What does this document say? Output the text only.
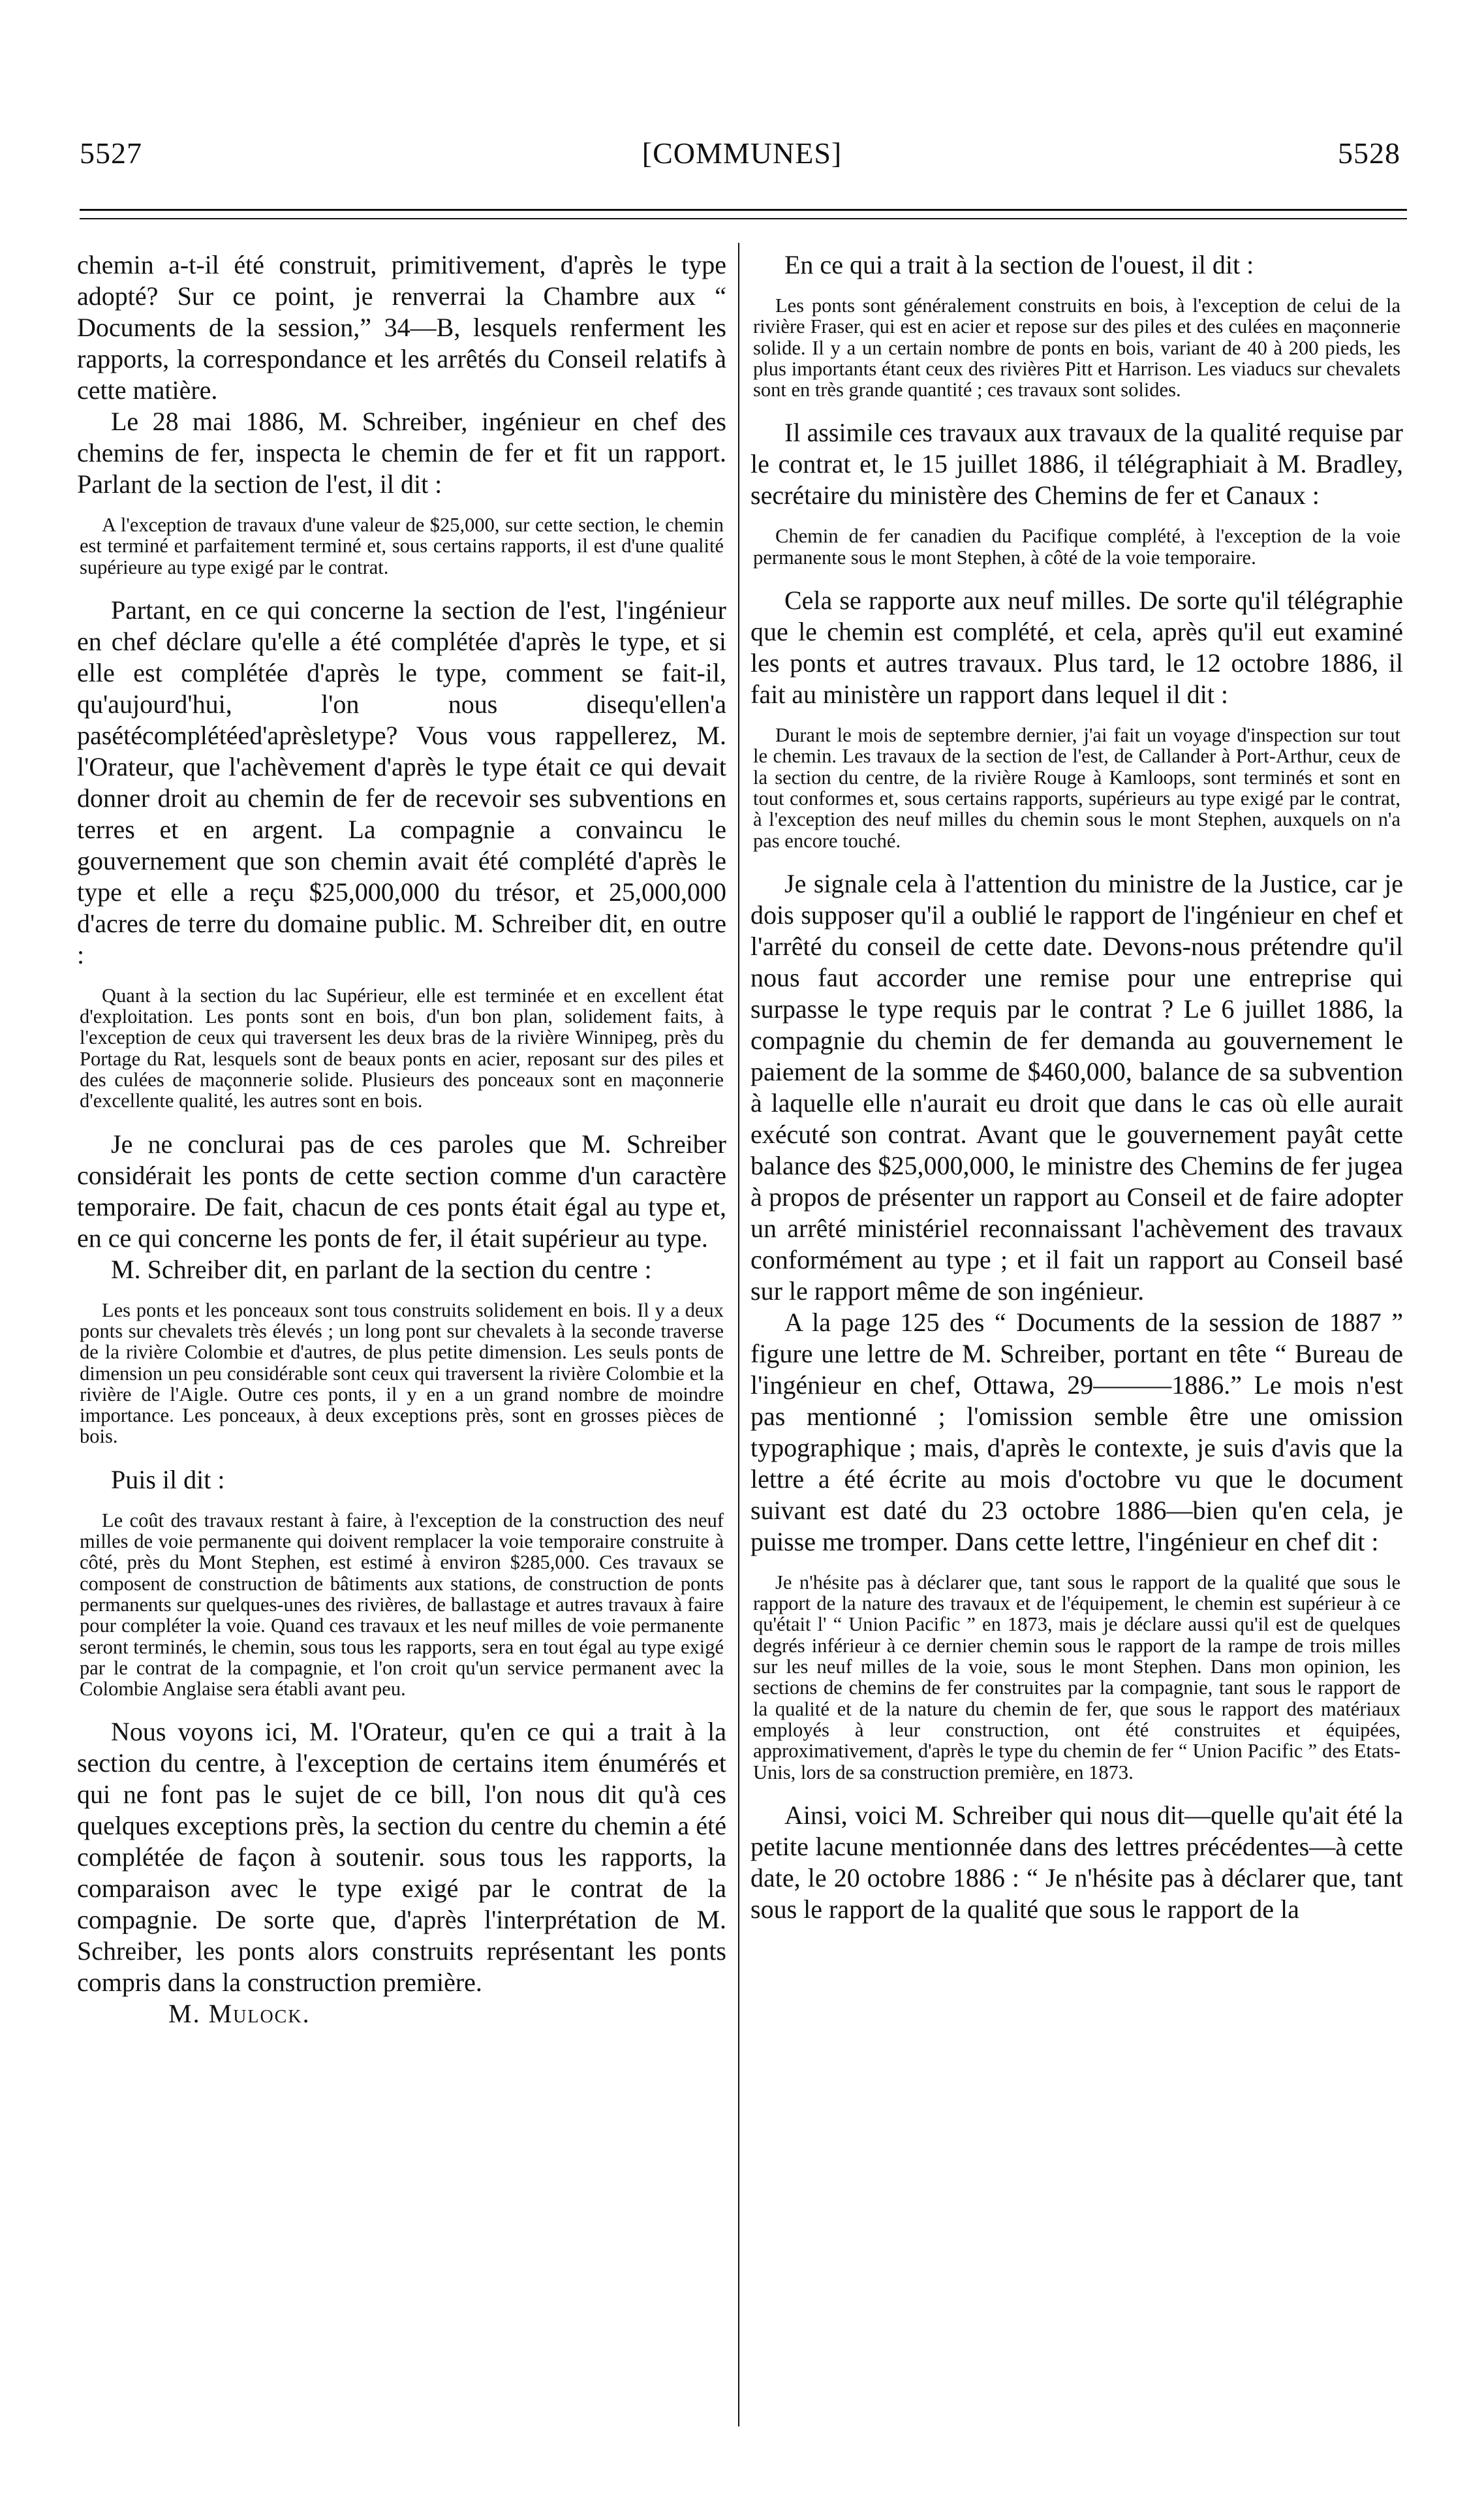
5527	[COMMUNES]	5528

chemin a-t-il été construit, primitivement, d'après le type adopté? Sur ce point, je renverrai la Chambre aux “ Documents de la session,” 34—B, lesquels renferment les rapports, la correspondance et les arrêtés du Conseil relatifs à cette matière.

Le 28 mai 1886, M. Schreiber, ingénieur en chef des chemins de fer, inspecta le chemin de fer et fit un rapport. Parlant de la section de l'est, il dit :

A l'exception de travaux d'une valeur de $25,000, sur cette section, le chemin est terminé et parfaitement terminé et, sous certains rapports, il est d'une qualité supérieure au type exigé par le contrat.

Partant, en ce qui concerne la section de l'est, l'ingénieur en chef déclare qu'elle a été complétée d'après le type, et si elle est complétée d'après le type, comment se fait-il, qu'aujourd'hui, l'on nous disequ'ellen'a pasétécomplétéed'aprèsletype? Vous vous rappellerez, M. l'Orateur, que l'achèvement d'après le type était ce qui devait donner droit au chemin de fer de recevoir ses subventions en terres et en argent. La compagnie a convaincu le gouvernement que son chemin avait été complété d'après le type et elle a reçu $25,000,000 du trésor, et 25,000,000 d'acres de terre du domaine public. M. Schreiber dit, en outre :

Quant à la section du lac Supérieur, elle est terminée et en excellent état d'exploitation. Les ponts sont en bois, d'un bon plan, solidement faits, à l'exception de ceux qui traversent les deux bras de la rivière Winnipeg, près du Portage du Rat, lesquels sont de beaux ponts en acier, reposant sur des piles et des culées de maçonnerie solide. Plusieurs des ponceaux sont en maçonnerie d'excellente qualité, les autres sont en bois.

Je ne conclurai pas de ces paroles que M. Schreiber considérait les ponts de cette section comme d'un caractère temporaire. De fait, chacun de ces ponts était égal au type et, en ce qui concerne les ponts de fer, il était supérieur au type.

M. Schreiber dit, en parlant de la section du centre :

Les ponts et les ponceaux sont tous construits solidement en bois. Il y a deux ponts sur chevalets très élevés ; un long pont sur chevalets à la seconde traverse de la rivière Colombie et d'autres, de plus petite dimension. Les seuls ponts de dimension un peu considérable sont ceux qui traversent la rivière Colombie et la rivière de l'Aigle. Outre ces ponts, il y en a un grand nombre de moindre importance. Les ponceaux, à deux exceptions près, sont en grosses pièces de bois.

Puis il dit :

Le coût des travaux restant à faire, à l'exception de la construction des neuf milles de voie permanente qui doivent remplacer la voie temporaire construite à côté, près du Mont Stephen, est estimé à environ $285,000. Ces travaux se composent de construction de bâtiments aux stations, de construction de ponts permanents sur quelques-unes des rivières, de ballastage et autres travaux à faire pour compléter la voie. Quand ces travaux et les neuf milles de voie permanente seront terminés, le chemin, sous tous les rapports, sera en tout égal au type exigé par le contrat de la compagnie, et l'on croit qu'un service permanent avec la Colombie Anglaise sera établi avant peu.

Nous voyons ici, M. l'Orateur, qu'en ce qui a trait à la section du centre, à l'exception de certains item énumérés et qui ne font pas le sujet de ce bill, l'on nous dit qu'à ces quelques exceptions près, la section du centre du chemin a été complétée de façon à soutenir. sous tous les rapports, la comparaison avec le type exigé par le contrat de la compagnie. De sorte que, d'après l'interprétation de M. Schreiber, les ponts alors construits représentant les ponts compris dans la construction première.

M. Mulock.

En ce qui a trait à la section de l'ouest, il dit :

Les ponts sont généralement construits en bois, à l'exception de celui de la rivière Fraser, qui est en acier et repose sur des piles et des culées en maçonnerie solide. Il y a un certain nombre de ponts en bois, variant de 40 à 200 pieds, les plus importants étant ceux des rivières Pitt et Harrison. Les viaducs sur chevalets sont en très grande quantité ; ces travaux sont solides.

Il assimile ces travaux aux travaux de la qualité requise par le contrat et, le 15 juillet 1886, il télégraphiait à M. Bradley, secrétaire du ministère des Chemins de fer et Canaux :

Chemin de fer canadien du Pacifique complété, à l'exception de la voie permanente sous le mont Stephen, à côté de la voie temporaire.

Cela se rapporte aux neuf milles. De sorte qu'il télégraphie que le chemin est complété, et cela, après qu'il eut examiné les ponts et autres travaux. Plus tard, le 12 octobre 1886, il fait au ministère un rapport dans lequel il dit :

Durant le mois de septembre dernier, j'ai fait un voyage d'inspection sur tout le chemin. Les travaux de la section de l'est, de Callander à Port-Arthur, ceux de la section du centre, de la rivière Rouge à Kamloops, sont terminés et sont en tout conformes et, sous certains rapports, supérieurs au type exigé par le contrat, à l'exception des neuf milles du chemin sous le mont Stephen, auxquels on n'a pas encore touché.

Je signale cela à l'attention du ministre de la Justice, car je dois supposer qu'il a oublié le rapport de l'ingénieur en chef et l'arrêté du conseil de cette date. Devons-nous prétendre qu'il nous faut accorder une remise pour une entreprise qui surpasse le type requis par le contrat ? Le 6 juillet 1886, la compagnie du chemin de fer demanda au gouvernement le paiement de la somme de $460,000, balance de sa subvention à laquelle elle n'aurait eu droit que dans le cas où elle aurait exécuté son contrat. Avant que le gouvernement payât cette balance des $25,000,000, le ministre des Chemins de fer jugea à propos de présenter un rapport au Conseil et de faire adopter un arrêté ministériel reconnaissant l'achèvement des travaux conformément au type ; et il fait un rapport au Conseil basé sur le rapport même de son ingénieur.

A la page 125 des “ Documents de la session de 1887 ” figure une lettre de M. Schreiber, portant en tête “ Bureau de l'ingénieur en chef, Ottawa, 29———1886.” Le mois n'est pas mentionné ; l'omission semble être une omission typographique ; mais, d'après le contexte, je suis d'avis que la lettre a été écrite au mois d'octobre vu que le document suivant est daté du 23 octobre 1886—bien qu'en cela, je puisse me tromper. Dans cette lettre, l'ingénieur en chef dit :

Je n'hésite pas à déclarer que, tant sous le rapport de la qualité que sous le rapport de la nature des travaux et de l'équipement, le chemin est supérieur à ce qu'était l' “ Union Pacific ” en 1873, mais je déclare aussi qu'il est de quelques degrés inférieur à ce dernier chemin sous le rapport de la rampe de trois milles sur les neuf milles de la voie, sous le mont Stephen. Dans mon opinion, les sections de chemins de fer construites par la compagnie, tant sous le rapport de la qualité et de la nature du chemin de fer, que sous le rapport des matériaux employés à leur construction, ont été construites et équipées, approximativement, d'après le type du chemin de fer “ Union Pacific ” des Etats-Unis, lors de sa construction première, en 1873.

Ainsi, voici M. Schreiber qui nous dit—quelle qu'ait été la petite lacune mentionnée dans des lettres précédentes—à cette date, le 20 octobre 1886 : “ Je n'hésite pas à déclarer que, tant sous le rapport de la qualité que sous le rapport de la
